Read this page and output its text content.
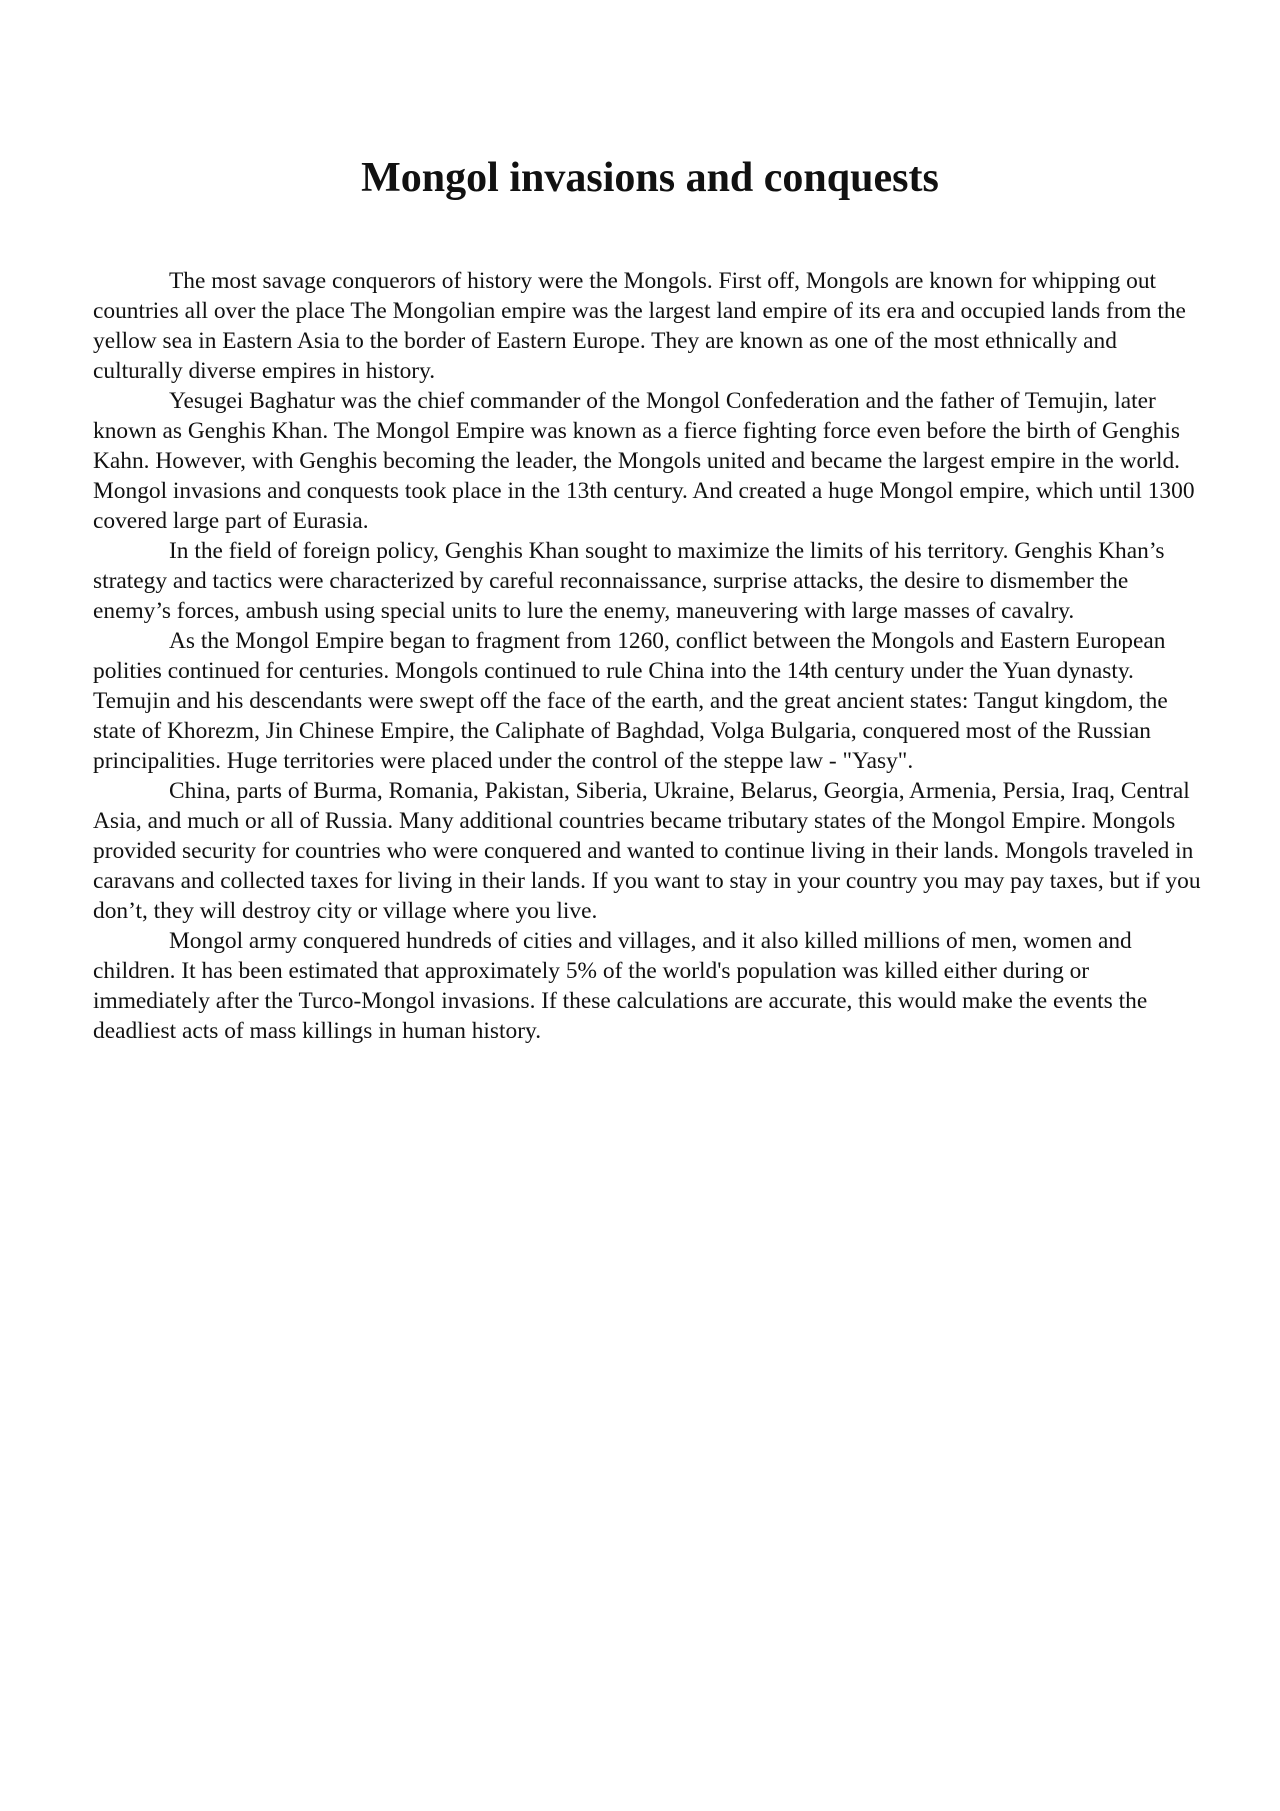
Mongol invasions and conquests

The most savage conquerors of history were the Mongols. First off, Mongols are known for whipping out countries all over the place The Mongolian empire was the largest land empire of its era and occupied lands from the yellow sea in Eastern Asia to the border of Eastern Europe. They are known as one of the most ethnically and culturally diverse empires in history.

Yesugei Baghatur was the chief commander of the Mongol Confederation and the father of Temujin, later known as Genghis Khan. The Mongol Empire was known as a fierce fighting force even before the birth of Genghis Kahn. However, with Genghis becoming the leader, the Mongols united and became the largest empire in the world. Mongol invasions and conquests took place in the 13th century. And created a huge Mongol empire, which until 1300 covered large part of Eurasia.

In the field of foreign policy, Genghis Khan sought to maximize the limits of his territory. Genghis Khan’s strategy and tactics were characterized by careful reconnaissance, surprise attacks, the desire to dismember the enemy’s forces, ambush using special units to lure the enemy, maneuvering with large masses of cavalry.

As the Mongol Empire began to fragment from 1260, conflict between the Mongols and Eastern European polities continued for centuries. Mongols continued to rule China into the 14th century under the Yuan dynasty. Temujin and his descendants were swept off the face of the earth, and the great ancient states: Tangut kingdom, the state of Khorezm, Jin Chinese Empire, the Caliphate of Baghdad, Volga Bulgaria, conquered most of the Russian principalities. Huge territories were placed under the control of the steppe law - "Yasy".

China, parts of Burma, Romania, Pakistan, Siberia, Ukraine, Belarus, Georgia, Armenia, Persia, Iraq, Central Asia, and much or all of Russia. Many additional countries became tributary states of the Mongol Empire. Mongols provided security for countries who were conquered and wanted to continue living in their lands. Mongols traveled in caravans and collected taxes for living in their lands. If you want to stay in your country you may pay taxes, but if you don’t, they will destroy city or village where you live.

Mongol army conquered hundreds of cities and villages, and it also killed millions of men, women and children. It has been estimated that approximately 5% of the world's population was killed either during or immediately after the Turco-Mongol invasions. If these calculations are accurate, this would make the events the deadliest acts of mass killings in human history.
